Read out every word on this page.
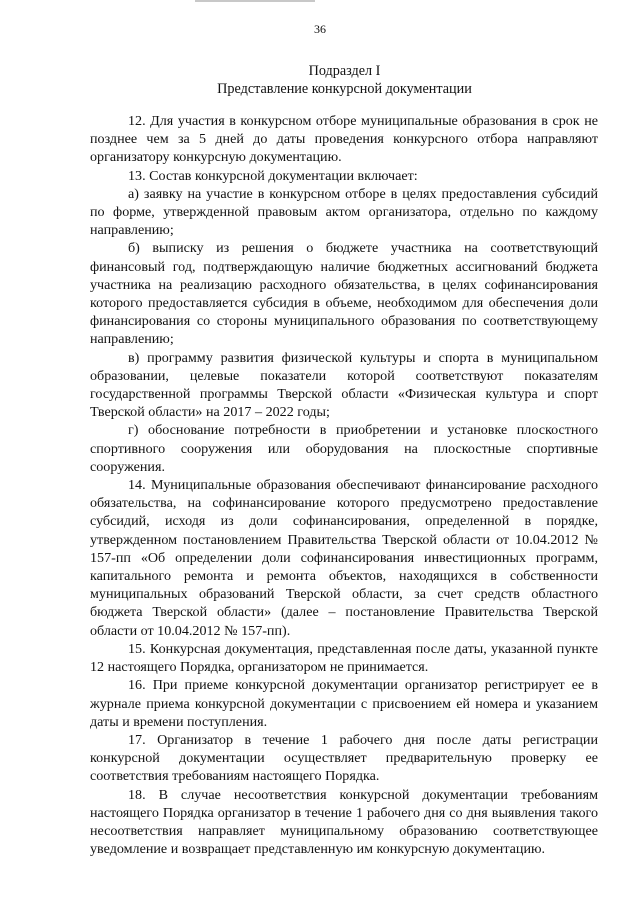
36
Подраздел I
Представление конкурсной документации

12. Для участия в конкурсном отборе муниципальные образования в срок не позднее чем за 5 дней до даты проведения конкурсного отбора направляют организатору конкурсную документацию.

13. Состав конкурсной документации включает:

а) заявку на участие в конкурсном отборе в целях предоставления субсидий по форме, утвержденной правовым актом организатора, отдельно по каждому направлению;

б) выписку из решения о бюджете участника на соответствующий финансовый год, подтверждающую наличие бюджетных ассигнований бюджета участника на реализацию расходного обязательства, в целях софинансирования которого предоставляется субсидия в объеме, необходимом для обеспечения доли финансирования со стороны муниципального образования по соответствующему направлению;

в) программу развития физической культуры и спорта в муниципальном образовании, целевые показатели которой соответствуют показателям государственной программы Тверской области «Физическая культура и спорт Тверской области» на 2017 – 2022 годы;

г) обоснование потребности в приобретении и установке плоскостного спортивного сооружения или оборудования на плоскостные спортивные сооружения.

14. Муниципальные образования обеспечивают финансирование расходного обязательства, на софинансирование которого предусмотрено предоставление субсидий, исходя из доли софинансирования, определенной в порядке, утвержденном постановлением Правительства Тверской области от 10.04.2012 № 157-пп «Об определении доли софинансирования инвестиционных программ, капитального ремонта и ремонта объектов, находящихся в собственности муниципальных образований Тверской области, за счет средств областного бюджета Тверской области» (далее – постановление Правительства Тверской области от 10.04.2012 № 157-пп).

15. Конкурсная документация, представленная после даты, указанной пункте 12 настоящего Порядка, организатором не принимается.

16. При приеме конкурсной документации организатор регистрирует ее в журнале приема конкурсной документации с присвоением ей номера и указанием даты и времени поступления.

17. Организатор в течение 1 рабочего дня после даты регистрации конкурсной документации осуществляет предварительную проверку ее соответствия требованиям настоящего Порядка.

18. В случае несоответствия конкурсной документации требованиям настоящего Порядка организатор в течение 1 рабочего дня со дня выявления такого несоответствия направляет муниципальному образованию соответствующее уведомление и возвращает представленную им конкурсную документацию.
